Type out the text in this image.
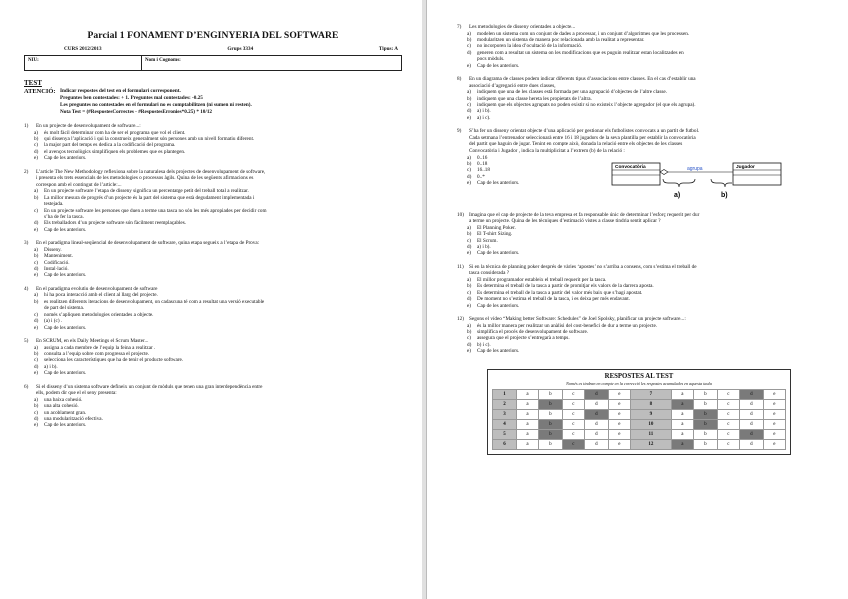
Parcial 1 FONAMENT D’ENGINYERIA DEL SOFTWARE
CURS 2012/2013	Grups 3334	Tipus: A
NIU:	Nom i Cognoms:
TEST
ATENCIÓ: Indicar respostes del test en el formulari corresponent.
Preguntes ben contestades: + 1. Preguntes mal contestades: -0.25
Les preguntes no contestades en el formulari no es comptabilitzen (ni sumen ni resten).
Nota Test = (#RespostesCorrectes - #RespostesErronies*0.25) * 10/12
1)	En un projecte de desenvolupament de software...:
a)	és molt fàcil determinar com ha de ser el programa que vol el client.
b)	qui dissenya l’aplicació i qui la construeix generalment són persones amb un nivell formatiu diferent.
c)	la major part del temps es dedica a la codificació del programa.
d)	el avenços tecnològics simplifiquen els problemes que es plantegen.
e)	Cap de les anteriors.
2)	L’article The New Methodology reflexiona sobre la naturalesa dels projectes de desenvolupament de software,
i presenta els trets essencials de les metodologies o processos àgils. Quina de les següents afirmacions es
correspon amb el contingut de l’article:...
a)	En un projecte software l’etapa de disseny significa un percentatge petit del treball total a realitzar.
b)	La millor mesura de progrés d’un projecte és la part del sistema que està degudament implementada i
testejada.
c)	En un projecte software les persones que duen a terme una tasca no són les més apropiades per decidir com
s’ha de fer la tasca.
d)	Els treballadors d’un projecte software són fàcilment reemplaçables.
e)	Cap de les anteriors.
3)	En el paradigma lineal-seqüencial de desenvolupament de software, quina etapa segueix a l’etapa de Prova:
a)	Disseny.
b)	Manteniment.
c)	Codificació.
d)	Instal·lació.
e)	Cap de les anteriors.
4)	En el paradigma evolutiu de desenvolupament de software
a)	hi ha poca interacció amb el client al llarg del projecte.
b)	es realitzen diferents iteracions de desenvolupament, on cadascuna té com a resultat una versió executable
de part del sistema.
c)	només s’apliquen metodologies orientades a objecte.
d)	(a) i (c) .
e)	Cap de les anteriors.
5)	En SCRUM, en els Daily Meetings el Scrum Master...
a)	assigna a cada membre de l’equip la feina a realitzar .
b)	consulta a l’equip sobre com progressa el projecte.
c)	selecciona les característiques que ha de tenir el producte software.
d)	a) i b).
e)	Cap de les anteriors.
6)	Si el disseny d’un sistema software defineix un conjunt de mòduls que tenen una gran interdependència entre
ells, podem dir que el el seny presenta:
a)	una baixa cohesió.
b)	una alta cohesió.
c)	un acoblament gran.
d)	una modularització efectiva.
e)	Cap de les anteriors.
7)	Les metodologies de disseny orientades a objecte...
a)	modelen un sistema com un conjunt de dades a processar, i un conjunt d’algoritmes que les processen.
b)	modularitzen un sistema de manera poc relacionada amb la realitat a representar.
c)	no incorporen la idea d’ocultació de la informació.
d)	generen com a resultat un sistema on les modificacions que es puguin realitzar estan localitzades en
pocs mòduls.
e)	Cap de les anteriors.
8)	En un diagrama de classes podem indicar diferents tipus d’associacions entre classes. En el cas d’establir una
associació d’agregació entre dues classes,
a)	indiquem que una de les classes està formada per una agrupació d’objectes de l’altre classe.
b)	indiquem que una classe hereta les propietats de l’altra.
c)	indiquem que els objectes agrupats no poden existir si no existeix l’objecte agregador (el que els agrupa).
d)	a) i b).
e)	a) i c).
9)	S’ha fer un disseny orientat objecte d’una aplicació per gestionar els futbolistes convocats a un partit de futbol.
Cada setmana l’entrenador seleccionarà entre 16 i 18 jugadors de la seva plantilla per establir la convocatòria
del partit que haguin de jugar. Tenint en compte això, donada la relació entre els objectes de les classes
Convocatòria i Jugador , indica la multiplicitat a l’extrem (b) de la relació :
a)	0..16
b)	0..18
c)	16..18
d)	0..*
e)	Cap de les anteriors.
Convocatòria	Jugador
agrupa
a)	b)
10) Imagina que el cap de projecte de la teva empresa et fa responsable únic de determinar l’esforç requerit per dur
a terme un projecte. Quina de les tècniques d’estimació vistes a classe tindria sentit aplicar ?
a)	El Planning Poker.
b)	El T-shirt Sizing.
c)	El Scrum.
d)	a) i b).
e)	Cap de les anteriors.
11)	Si en la tècnica de planning poker després de vàries ‘apostes’ no s’arriba a consens, com s’estima el treball de
tasca considerada ?
a)	El millor programador estableix el treball requerit per la tasca.
b)	Es determina el treball de la tasca a partir de promitjar els valors de la darrera aposta.
c)	Es determina el treball de la tasca a partir del valor més baix que s’hagi apostat.
d)	De moment no s’estima el treball de la tasca, i es deixa per més endavant.
e)	Cap de les anteriors.
12) Segons el vídeo “Making better Software: Schedules” de Joel Spolsky, planificar un projecte software...:
a)	és la millor manera per realitzar un anàlisi del cost-benefici de dur a terme un projecte.
b)	simplifica el procés de desenvolupament de software.
c)	assegura que el projecte s’entregarà a temps.
d)	b) i c).
e)	Cap de les anteriors.
RESPOSTES AL TEST
Només es tindran en compte en la correcció les respostes acumulades en aquesta taula
1	a	b	c	d	e	7	a	b	c	d	e
2	a	b	c	d	e	8	a	b	c	d	e
3	a	b	c	d	e	9	a	b	c	d	e
4	a	b	c	d	e	10	a	b	c	d	e
5	a	b	c	d	e	11	a	b	c	d	e
6	a	b	c	d	e	12	a	b	c	d	e
